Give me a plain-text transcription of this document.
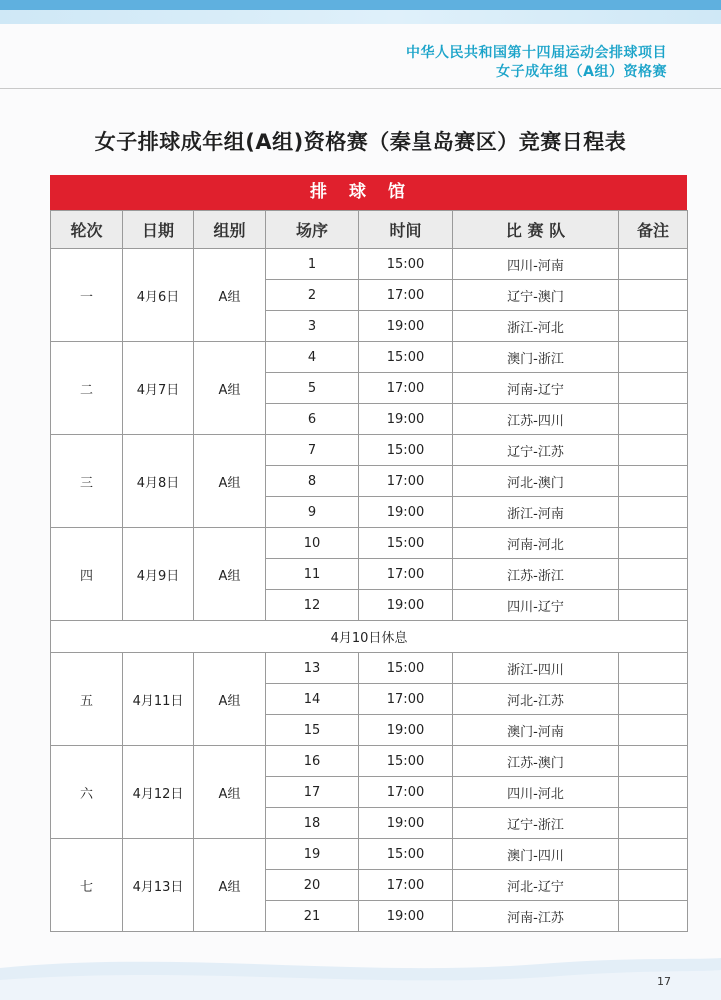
中华人民共和国第十四届运动会排球项目
女子成年组（A组）资格赛
女子排球成年组(A组)资格赛（秦皇岛赛区）竞赛日程表
排球馆
轮次	日期	组别	场序	时间	比 赛 队	备注
一	4月6日	A组	1	15:00	四川-河南	
			2	17:00	辽宁-澳门	
			3	19:00	浙江-河北	
二	4月7日	A组	4	15:00	澳门-浙江	
			5	17:00	河南-辽宁	
			6	19:00	江苏-四川	
三	4月8日	A组	7	15:00	辽宁-江苏	
			8	17:00	河北-澳门	
			9	19:00	浙江-河南	
四	4月9日	A组	10	15:00	河南-河北	
			11	17:00	江苏-浙江	
			12	19:00	四川-辽宁	
4月10日休息						
五	4月11日	A组	13	15:00	浙江-四川	
			14	17:00	河北-江苏	
			15	19:00	澳门-河南	
六	4月12日	A组	16	15:00	江苏-澳门	
			17	17:00	四川-河北	
			18	19:00	辽宁-浙江	
七	4月13日	A组	19	15:00	澳门-四川	
			20	17:00	河北-辽宁	
			21	19:00	河南-江苏	
17
